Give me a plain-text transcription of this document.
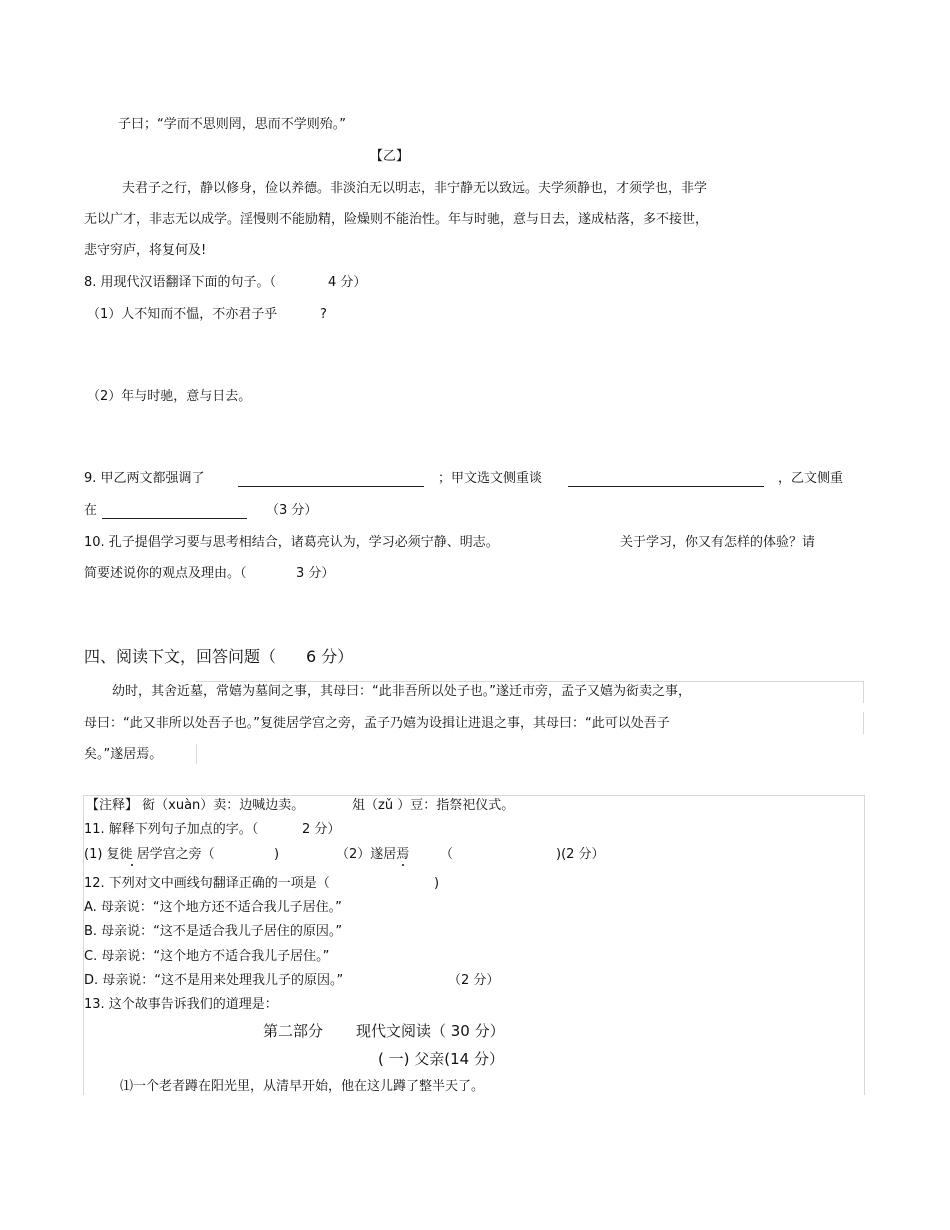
子曰；“学而不思则罔，思而不学则殆。”
【乙】
夫君子之行，静以修身，俭以养德。非淡泊无以明志，非宁静无以致远。夫学须静也，才须学也，非学
无以广才，非志无以成学。淫慢则不能励精，险燥则不能治性。年与时驰，意与日去，遂成枯落，多不接世，
悲守穷庐，将复何及!
8. 用现代汉语翻译下面的句子。（	4 分）
（1）人不知而不愠，不亦君子乎	?
（2）年与时驰，意与日去。
9. 甲乙两文都强调了	；甲文选文侧重谈	，乙文侧重
在	（3 分）
10. 孔子提倡学习要与思考相结合，诸葛亮认为，学习必须宁静、明志。	关于学习，你又有怎样的体验？请
简要述说你的观点及理由。（	3 分）
四、阅读下文，回答问题（ 6 分）
幼时，其舍近墓，常嬉为墓间之事，其母曰：“此非吾所以处子也。”遂迁市旁，孟子又嬉为衒卖之事，
母曰：“此又非所以处吾子也。”复徙居学宫之旁，孟子乃嬉为设揖让进退之事，其母曰：“此可以处吾子
矣。”遂居焉。
【注释】 衒（xuàn）卖：边喊边卖。	俎（zǔ ）豆：指祭祀仪式。
11. 解释下列句子加点的字。（	2 分）
(1) 复徙 居学宫之旁（	)	（2）遂居焉 （	)(2 分）
12. 下列对文中画线句翻译正确的一项是（	)
A. 母亲说：“这个地方还不适合我儿子居住。”
B. 母亲说：“这不是适合我儿子居住的原因。”
C. 母亲说：“这个地方不适合我儿子居住。”
D. 母亲说：“这不是用来处理我儿子的原因。”	（2 分）
13. 这个故事告诉我们的道理是：
第二部分 现代文阅读（ 30 分）
( 一) 父亲(14 分）
⑴一个老者蹲在阳光里，从清早开始，他在这儿蹲了整半天了。
